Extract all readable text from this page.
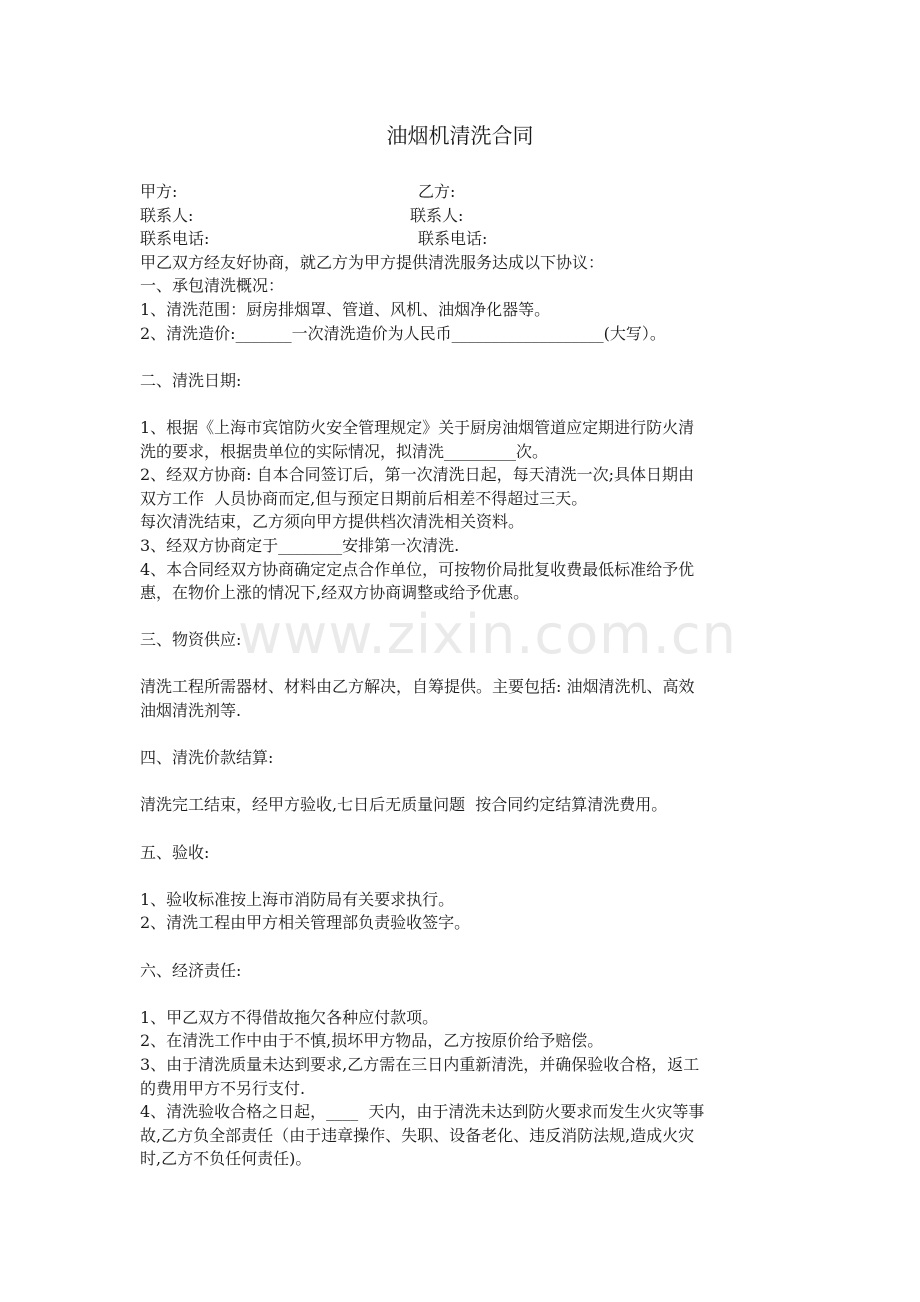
油烟机清洗合同
甲方:	乙方:
联系人:	联系人:
联系电话:	联系电话:
甲乙双方经友好协商，就乙方为甲方提供清洗服务达成以下协议：
一、承包清洗概况：
1、清洗范围：厨房排烟罩、管道、风机、油烟净化器等。
2、清洗造价:_______一次清洗造价为人民币___________________(大写）。
二、清洗日期:
1、根据《上海市宾馆防火安全管理规定》关于厨房油烟管道应定期进行防火清
洗的要求，根据贵单位的实际情况，拟清洗_________次。
2、经双方协商: 自本合同签订后，第一次清洗日起，每天清洗一次;具体日期由
双方工作  人员协商而定,但与预定日期前后相差不得超过三天。
每次清洗结束，乙方须向甲方提供档次清洗相关资料。
3、经双方协商定于________安排第一次清洗.
4、本合同经双方协商确定定点合作单位，可按物价局批复收费最低标准给予优
惠，在物价上涨的情况下,经双方协商调整或给予优惠。
三、物资供应:
清洗工程所需器材、材料由乙方解决，自筹提供。主要包括: 油烟清洗机、高效
油烟清洗剂等.
四、清洗价款结算:
清洗完工结束，经甲方验收,七日后无质量问题  按合同约定结算清洗费用。
五、验收:
1、验收标准按上海市消防局有关要求执行。
2、清洗工程由甲方相关管理部负责验收签字。
六、经济责任:
1、甲乙双方不得借故拖欠各种应付款项。
2、在清洗工作中由于不慎,损坏甲方物品，乙方按原价给予赔偿。
3、由于清洗质量未达到要求,乙方需在三日内重新清洗，并确保验收合格，返工
的费用甲方不另行支付.
4、清洗验收合格之日起，____  天内，由于清洗未达到防火要求而发生火灾等事
故,乙方负全部责任（由于违章操作、失职、设备老化、违反消防法规,造成火灾
时,乙方不负任何责任)。
www.zixin.com.cn
